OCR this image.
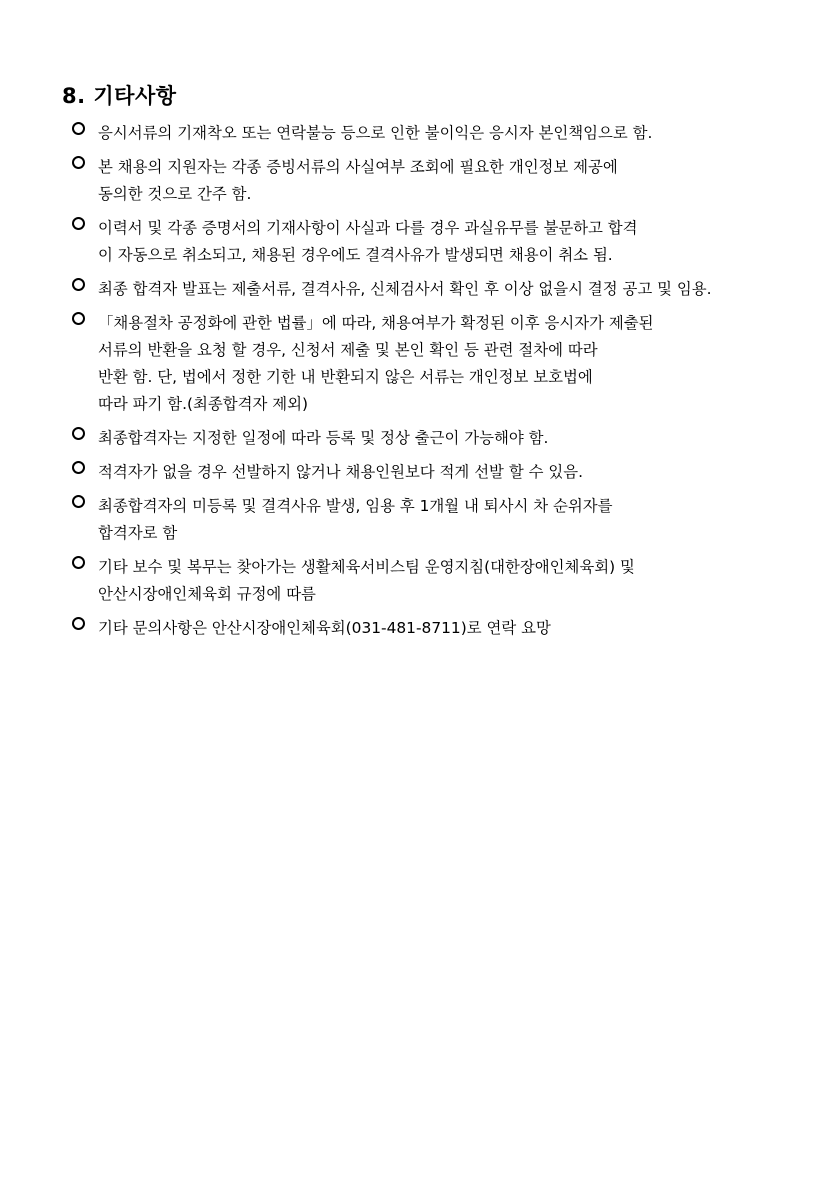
8. 기타사항
응시서류의 기재착오 또는 연락불능 등으로 인한 불이익은 응시자 본인책임으로 함.
본 채용의 지원자는 각종 증빙서류의 사실여부 조회에 필요한 개인정보 제공에
동의한 것으로 간주 함.
이력서 및 각종 증명서의 기재사항이 사실과 다를 경우 과실유무를 불문하고 합격
이 자동으로 취소되고, 채용된 경우에도 결격사유가 발생되면 채용이 취소 됨.
최종 합격자 발표는 제출서류, 결격사유, 신체검사서 확인 후 이상 없을시 결정 공고 및 임용.
「채용절차 공정화에 관한 법률」에 따라, 채용여부가 확정된 이후 응시자가 제출된
서류의 반환을 요청 할 경우, 신청서 제출 및 본인 확인 등 관련 절차에 따라
반환 함. 단, 법에서 정한 기한 내 반환되지 않은 서류는 개인정보 보호법에
따라 파기 함.(최종합격자 제외)
최종합격자는 지정한 일정에 따라 등록 및 정상 출근이 가능해야 함.
적격자가 없을 경우 선발하지 않거나 채용인원보다 적게 선발 할 수 있음.
최종합격자의 미등록 및 결격사유 발생, 임용 후 1개월 내 퇴사시 차 순위자를
합격자로 함
기타 보수 및 복무는 찾아가는 생활체육서비스팀 운영지침(대한장애인체육회) 및
안산시장애인체육회 규정에 따름
기타 문의사항은 안산시장애인체육회(031-481-8711)로 연락 요망
